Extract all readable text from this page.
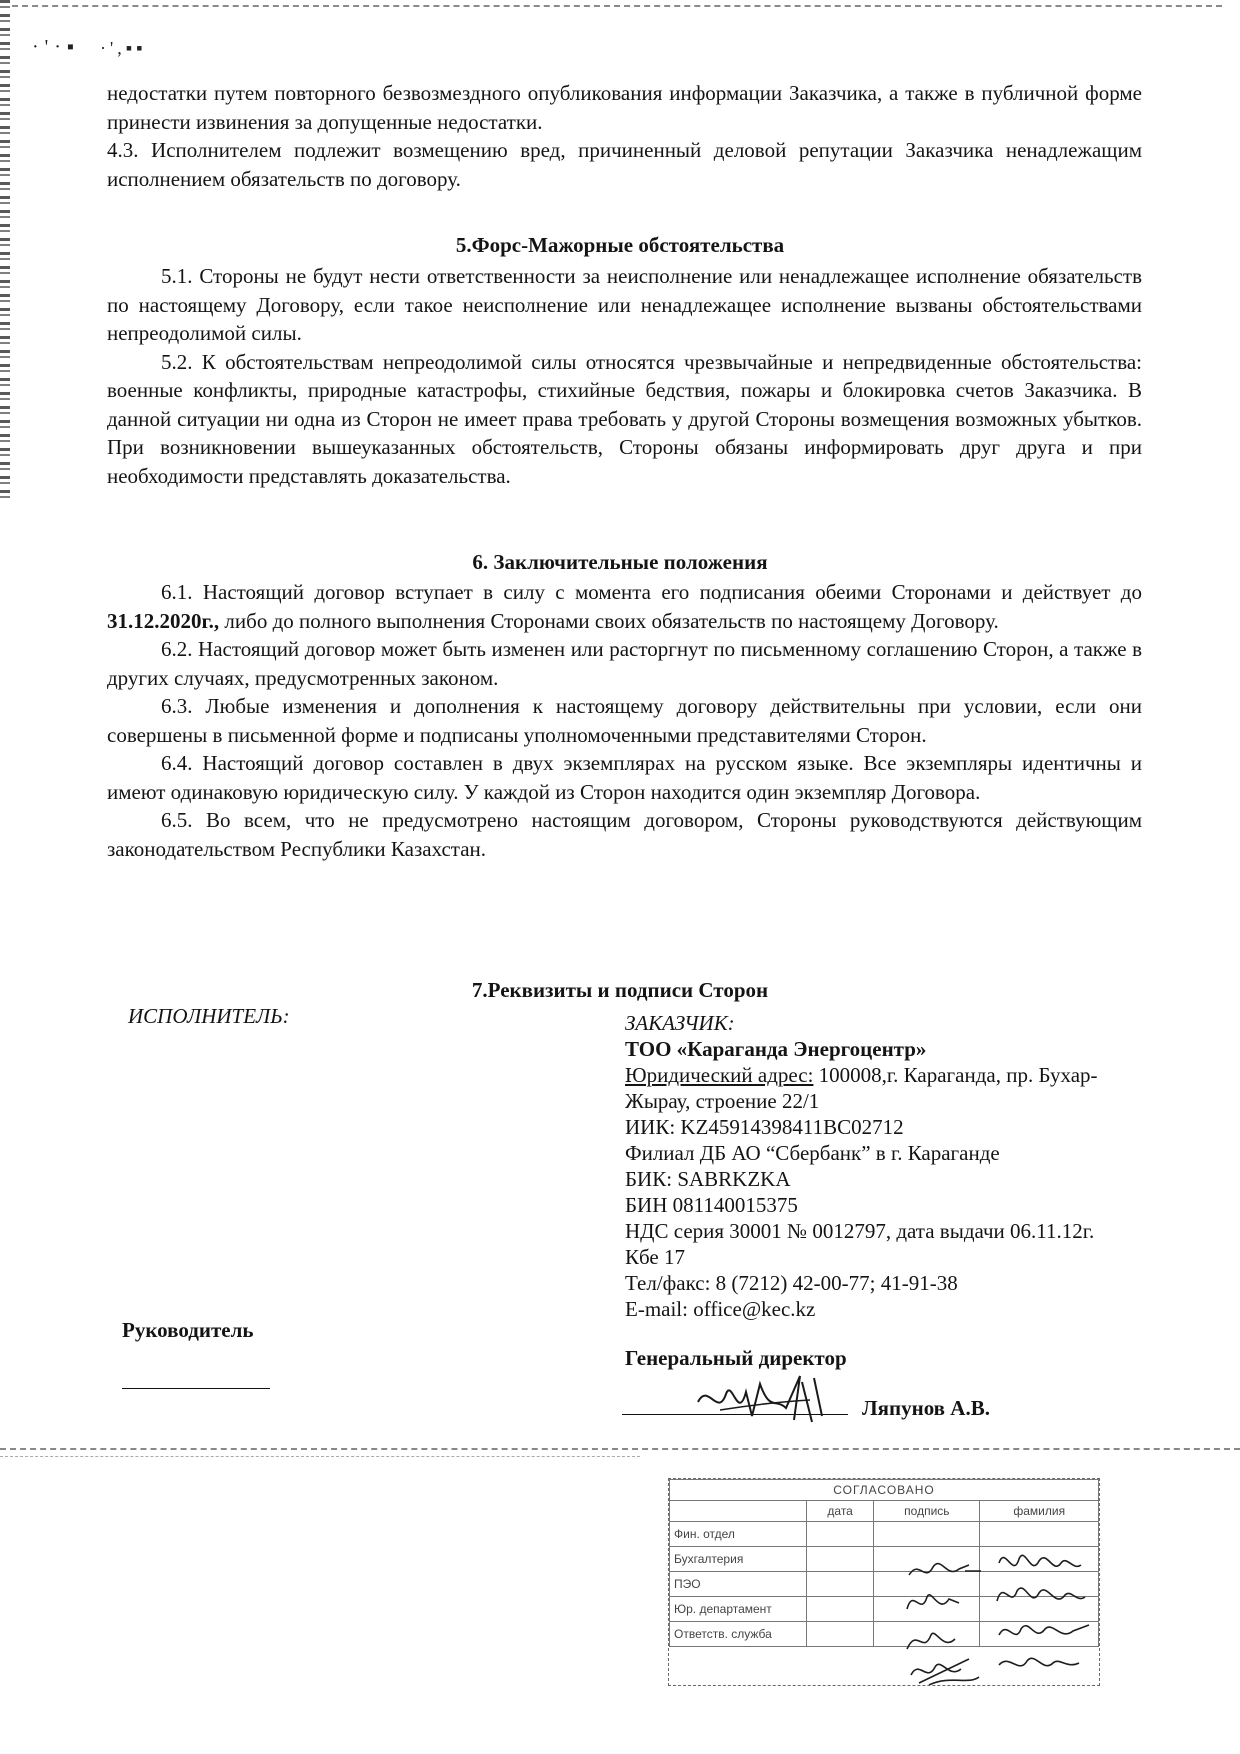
·'·▪ ·',▪▪

недостатки путем повторного безвозмездного опубликования информации Заказчика, а также в публичной форме принести извинения за допущенные недостатки.

4.3. Исполнителем подлежит возмещению вред, причиненный деловой репутации Заказчика ненадлежащим исполнением обязательств по договору.

5.Форс-Мажорные обстоятельства

5.1. Стороны не будут нести ответственности за неисполнение или ненадлежащее исполнение обязательств по настоящему Договору, если такое неисполнение или ненадлежащее исполнение вызваны обстоятельствами непреодолимой силы.

5.2. К обстоятельствам непреодолимой силы относятся чрезвычайные и непредвиденные обстоятельства: военные конфликты, природные катастрофы, стихийные бедствия, пожары и блокировка счетов Заказчика. В данной ситуации ни одна из Сторон не имеет права требовать у другой Стороны возмещения возможных убытков. При возникновении вышеуказанных обстоятельств, Стороны обязаны информировать друг друга и при необходимости представлять доказательства.

6. Заключительные положения

6.1. Настоящий договор вступает в силу с момента его подписания обеими Сторонами и действует до 31.12.2020г., либо до полного выполнения Сторонами своих обязательств по настоящему Договору.

6.2. Настоящий договор может быть изменен или расторгнут по письменному соглашению Сторон, а также в других случаях, предусмотренных законом.

6.3. Любые изменения и дополнения к настоящему договору действительны при условии, если они совершены в письменной форме и подписаны уполномоченными представителями Сторон.

6.4. Настоящий договор составлен в двух экземплярах на русском языке. Все экземпляры идентичны и имеют одинаковую юридическую силу. У каждой из Сторон находится один экземпляр Договора.

6.5. Во всем, что не предусмотрено настоящим договором, Стороны руководствуются действующим законодательством Республики Казахстан.

7.Реквизиты и подписи Сторон
ИСПОЛНИТЕЛЬ:	ЗАКАЗЧИК:
ТОО «Караганда Энергоцентр»
Юридический адрес: 100008,г. Караганда, пр. Бухар-
Жырау, строение 22/1
ИИК: KZ45914398411BC02712
Филиал ДБ АО “Сбербанк” в г. Караганде
БИК: SABRKZKA
БИН 081140015375
НДС серия 30001 № 0012797, дата выдачи 06.11.12г.
Кбе 17
Тел/факс: 8 (7212) 42-00-77; 41-91-38
E-mail: office@kec.kz
Руководитель
Генеральный директор
Ляпунов А.В.
СОГЛАСОВАНО			
	дата	подпись	фамилия
Фин. отдел			
Бухгалтерия			
ПЭО			
Юр. департамент			
Ответств. служба			
